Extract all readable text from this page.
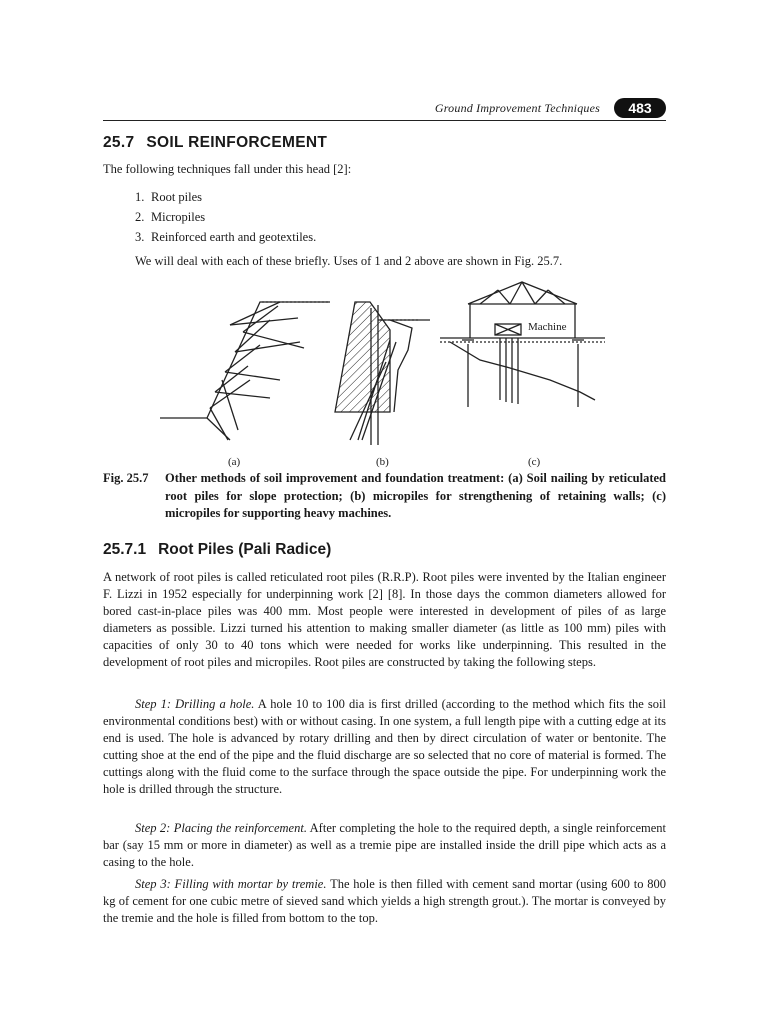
Ground Improvement Techniques	483
25.7 SOIL REINFORCEMENT
The following techniques fall under this head [2]:
1. Root piles
2. Micropiles
3. Reinforced earth and geotextiles.
We will deal with each of these briefly. Uses of 1 and 2 above are shown in Fig. 25.7.
(a)	(b)	(c)
Machine
Fig. 25.7	Other methods of soil improvement and foundation treatment: (a) Soil nailing by reticulated root piles for slope protection; (b) micropiles for strengthening of retaining walls; (c) micropiles for supporting heavy machines.
25.7.1 Root Piles (Pali Radice)

A network of root piles is called reticulated root piles (R.R.P). Root piles were invented by the Italian engineer F. Lizzi in 1952 especially for underpinning work [2] [8]. In those days the common diameters allowed for bored cast-in-place piles was 400 mm. Most people were interested in development of piles of as large diameters as possible. Lizzi turned his attention to making smaller diameter (as little as 100 mm) piles with capacities of only 30 to 40 tons which were needed for works like underpinning. This resulted in the development of root piles and micropiles. Root piles are constructed by taking the following steps.

Step 1: Drilling a hole. A hole 10 to 100 dia is first drilled (according to the method which fits the soil environmental conditions best) with or without casing. In one system, a full length pipe with a cutting edge at its end is used. The hole is advanced by rotary drilling and then by direct circulation of water or bentonite. The cutting shoe at the end of the pipe and the fluid discharge are so selected that no core of material is formed. The cuttings along with the fluid come to the surface through the space outside the pipe. For underpinning work the hole is drilled through the structure.

Step 2: Placing the reinforcement. After completing the hole to the required depth, a single reinforcement bar (say 15 mm or more in diameter) as well as a tremie pipe are installed inside the drill pipe which acts as a casing to the hole.

Step 3: Filling with mortar by tremie. The hole is then filled with cement sand mortar (using 600 to 800 kg of cement for one cubic metre of sieved sand which yields a high strength grout.). The mortar is conveyed by the tremie and the hole is filled from bottom to the top.
